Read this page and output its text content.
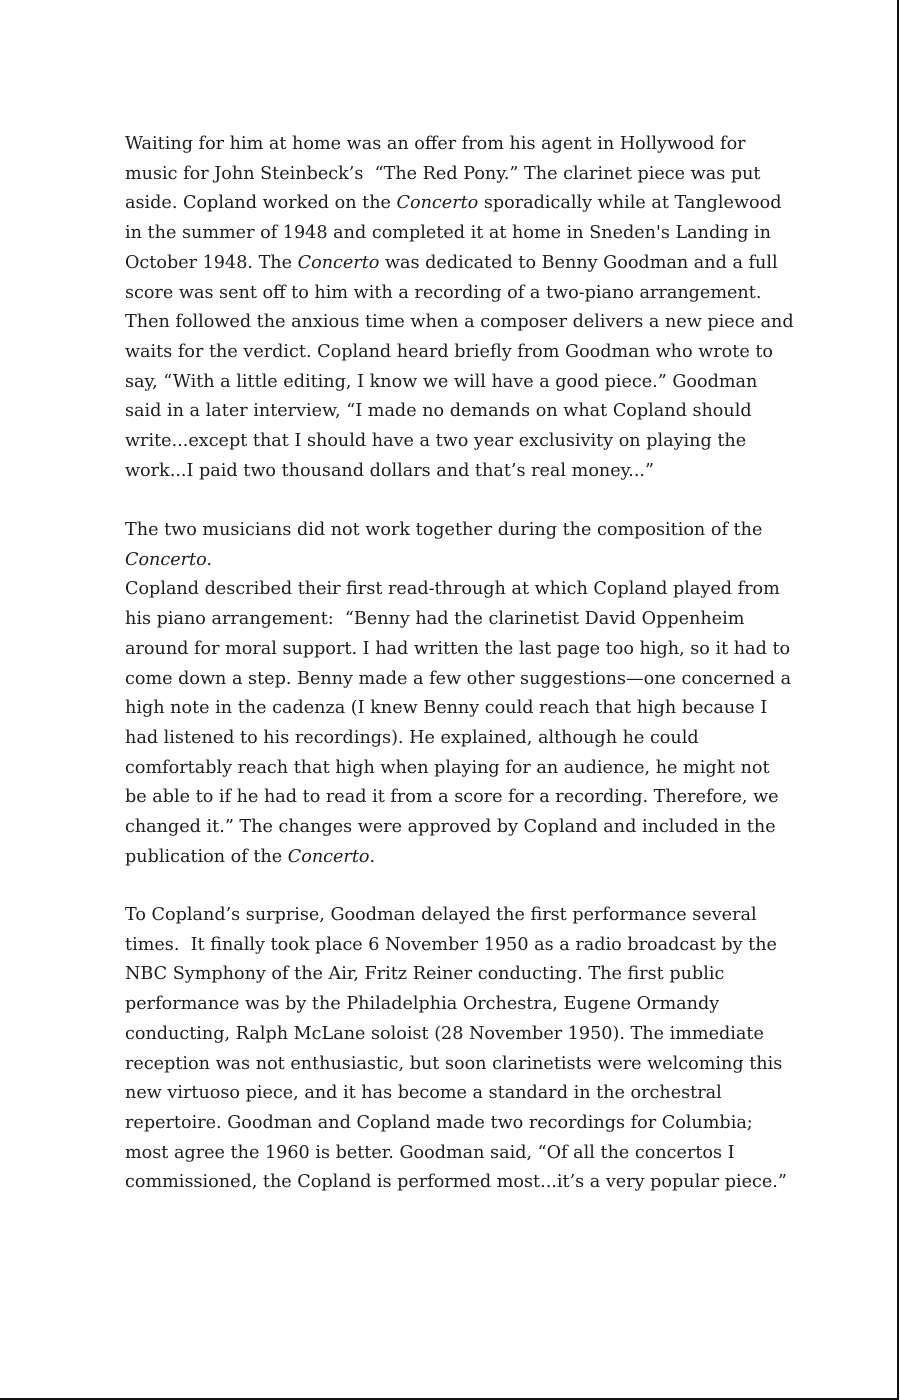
Waiting for him at home was an offer from his agent in Hollywood for
music for John Steinbeck’s  “The Red Pony.” The clarinet piece was put
aside. Copland worked on the Concerto sporadically while at Tanglewood
in the summer of 1948 and completed it at home in Sneden's Landing in
October 1948. The Concerto was dedicated to Benny Goodman and a full
score was sent off to him with a recording of a two-piano arrangement.
Then followed the anxious time when a composer delivers a new piece and
waits for the verdict. Copland heard briefly from Goodman who wrote to
say, “With a little editing, I know we will have a good piece.” Goodman
said in a later interview, “I made no demands on what Copland should
write...except that I should have a two year exclusivity on playing the
work...I paid two thousand dollars and that’s real money...”
The two musicians did not work together during the composition of the
Concerto.
Copland described their first read-through at which Copland played from
his piano arrangement:  “Benny had the clarinetist David Oppenheim
around for moral support. I had written the last page too high, so it had to
come down a step. Benny made a few other suggestions—one concerned a
high note in the cadenza (I knew Benny could reach that high because I
had listened to his recordings). He explained, although he could
comfortably reach that high when playing for an audience, he might not
be able to if he had to read it from a score for a recording. Therefore, we
changed it.” The changes were approved by Copland and included in the
publication of the Concerto.
To Copland’s surprise, Goodman delayed the first performance several
times.  It finally took place 6 November 1950 as a radio broadcast by the
NBC Symphony of the Air, Fritz Reiner conducting. The first public
performance was by the Philadelphia Orchestra, Eugene Ormandy
conducting, Ralph McLane soloist (28 November 1950). The immediate
reception was not enthusiastic, but soon clarinetists were welcoming this
new virtuoso piece, and it has become a standard in the orchestral
repertoire. Goodman and Copland made two recordings for Columbia;
most agree the 1960 is better. Goodman said, “Of all the concertos I
commissioned, the Copland is performed most...it’s a very popular piece.”
